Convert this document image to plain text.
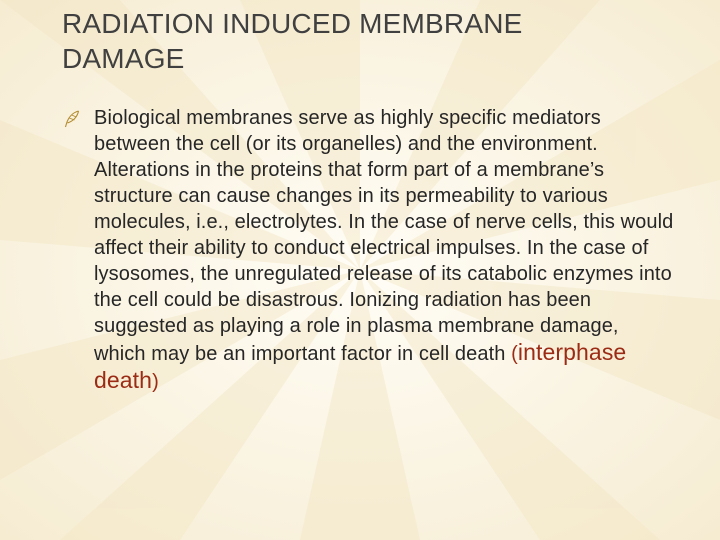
RADIATION INDUCED MEMBRANE
DAMAGE

Biological membranes serve as highly specific mediators between the cell (or its organelles) and the environment. Alterations in the proteins that form part of a membrane’s structure can cause changes in its permeability to various molecules, i.e., electrolytes. In the case of nerve cells, this would affect their ability to conduct electrical impulses. In the case of lysosomes, the unregulated release of its catabolic enzymes into the cell could be disastrous. Ionizing radiation has been suggested as playing a role in plasma membrane damage, which may be an important factor in cell death (interphase death)
